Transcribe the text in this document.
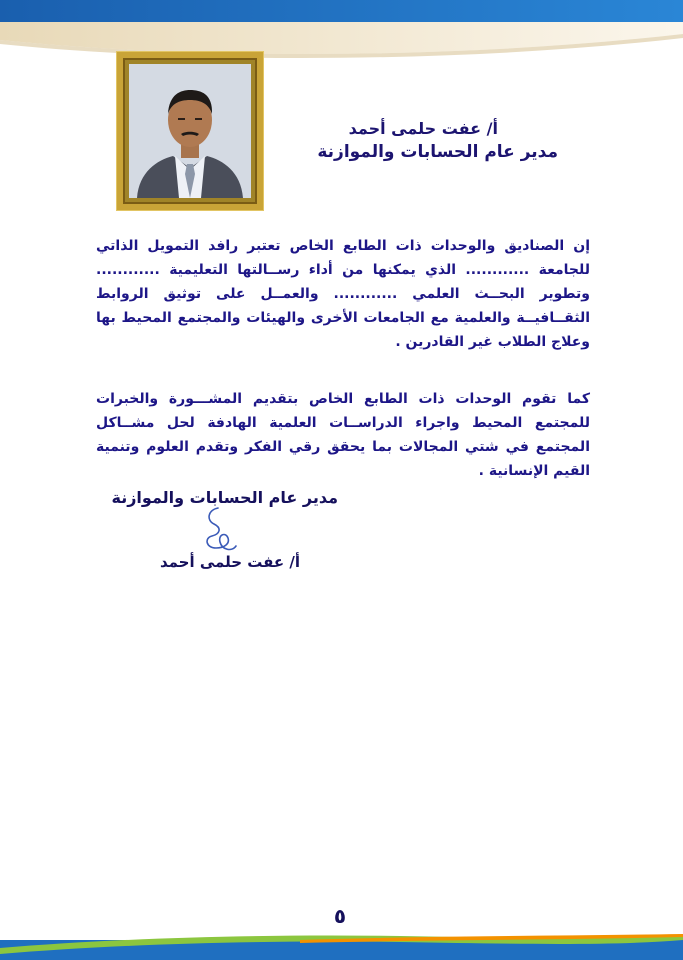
أ/ عفت حلمى أحمد
مدير عام الحسابات والموازنة
إن الصناديق والوحدات ذات الطابع الخاص تعتبر رافد التمويل الذاتي للجامعة ............ الذي يمكنها من أداء رســالتها التعليمية ............ وتطوير البحــث العلمي ............ والعمــل على توثيق الروابط الثقــافيــة والعلمية مع الجامعات الأخرى والهيئات والمجتمع المحيط بها وعلاج الطلاب غير القادرين .
كما تقوم الوحدات ذات الطابع الخاص بتقديم المشـــورة والخبرات للمجتمع المحيط واجراء الدراســات العلمية الهادفة لحل مشــاكل المجتمع في شتي المجالات بما يحقق رقي الفكر وتقدم العلوم وتنمية القيم الإنسانية .
مدير عام الحسابات والموازنة
أ/ عفت حلمى أحمد
٥
